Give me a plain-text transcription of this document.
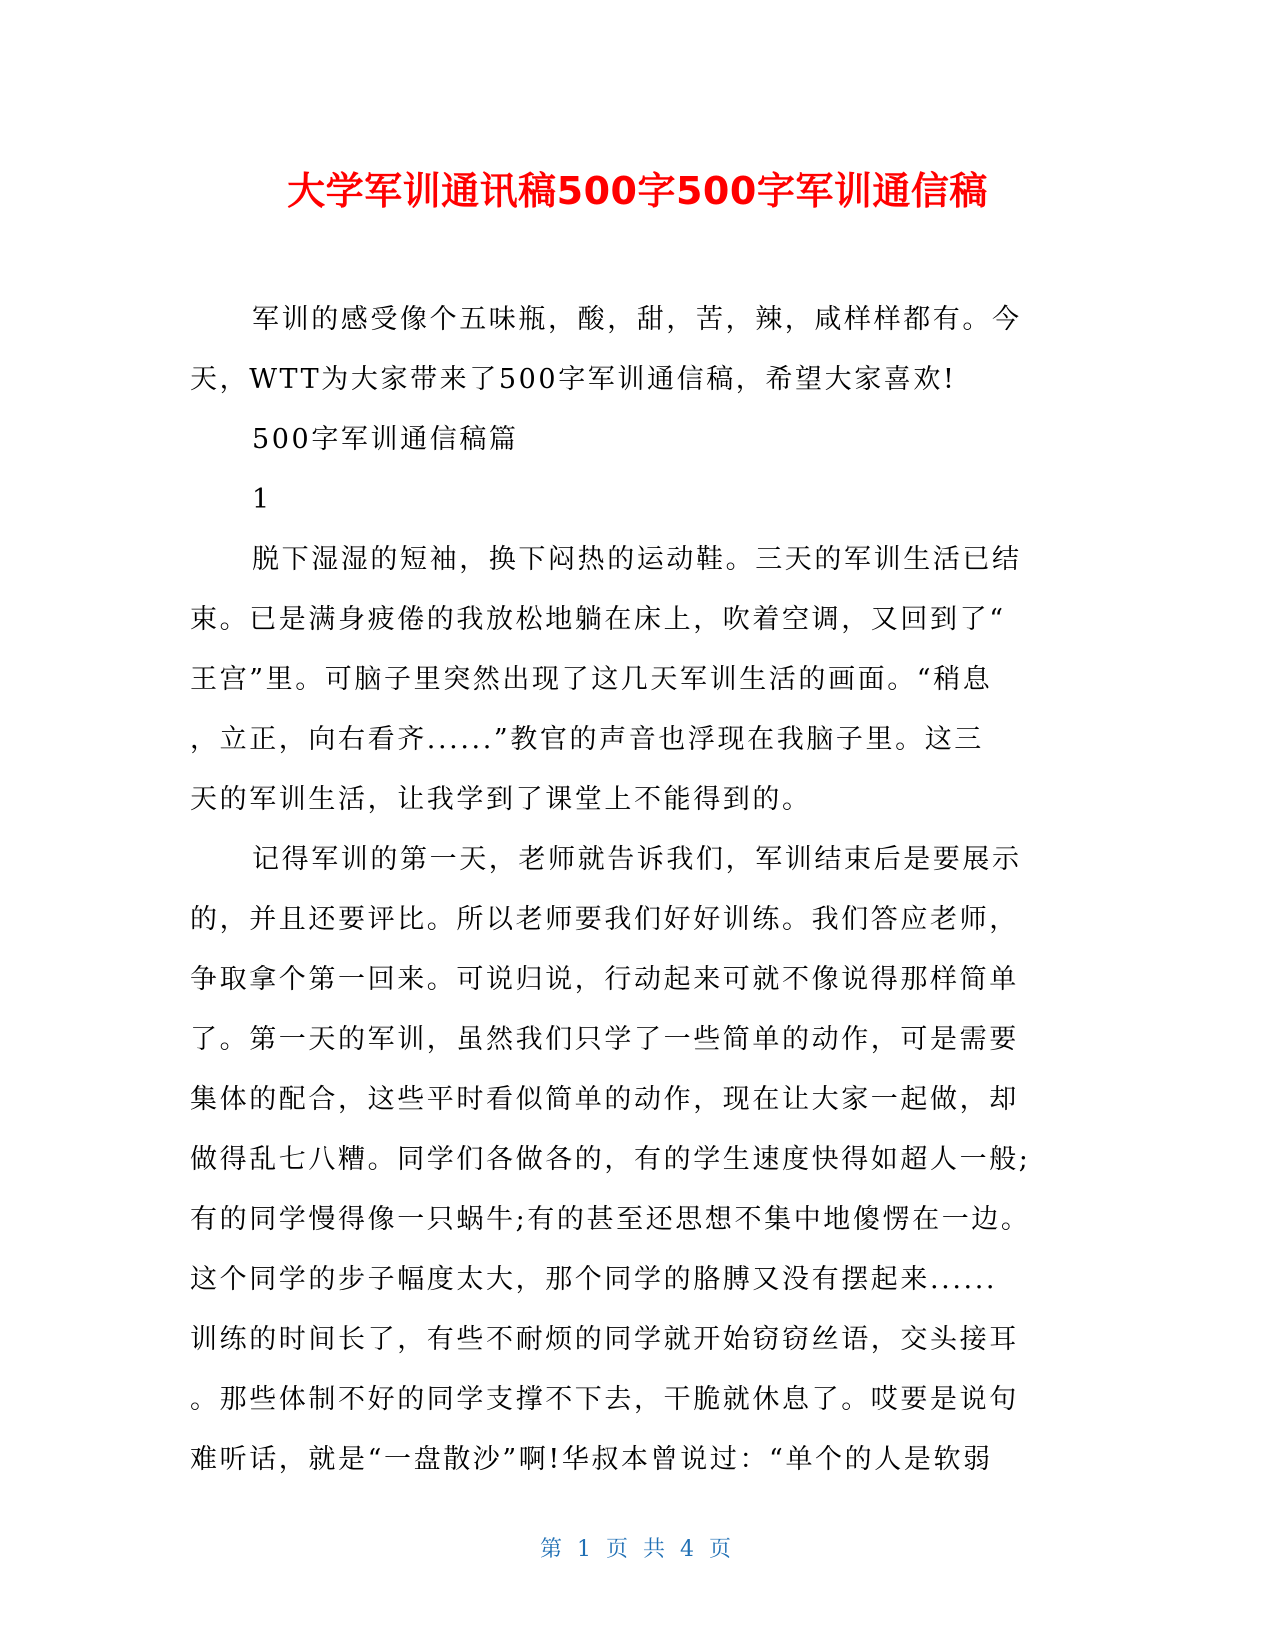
大学军训通讯稿500字500字军训通信稿
军训的感受像个五味瓶，酸，甜，苦，辣，咸样样都有。今
天，WTT为大家带来了500字军训通信稿，希望大家喜欢!
500字军训通信稿篇
1
脱下湿湿的短袖，换下闷热的运动鞋。三天的军训生活已结
束。已是满身疲倦的我放松地躺在床上，吹着空调，又回到了“
王宫”里。可脑子里突然出现了这几天军训生活的画面。“稍息
，立正，向右看齐......”教官的声音也浮现在我脑子里。这三
天的军训生活，让我学到了课堂上不能得到的。
记得军训的第一天，老师就告诉我们，军训结束后是要展示
的，并且还要评比。所以老师要我们好好训练。我们答应老师，
争取拿个第一回来。可说归说，行动起来可就不像说得那样简单
了。第一天的军训，虽然我们只学了一些简单的动作，可是需要
集体的配合，这些平时看似简单的动作，现在让大家一起做，却
做得乱七八糟。同学们各做各的，有的学生速度快得如超人一般;
有的同学慢得像一只蜗牛;有的甚至还思想不集中地傻愣在一边。
这个同学的步子幅度太大，那个同学的胳膊又没有摆起来......
训练的时间长了，有些不耐烦的同学就开始窃窃丝语，交头接耳
。那些体制不好的同学支撑不下去，干脆就休息了。哎要是说句
难听话，就是“一盘散沙”啊!华叔本曾说过：“单个的人是软弱
第 1 页 共 4 页
